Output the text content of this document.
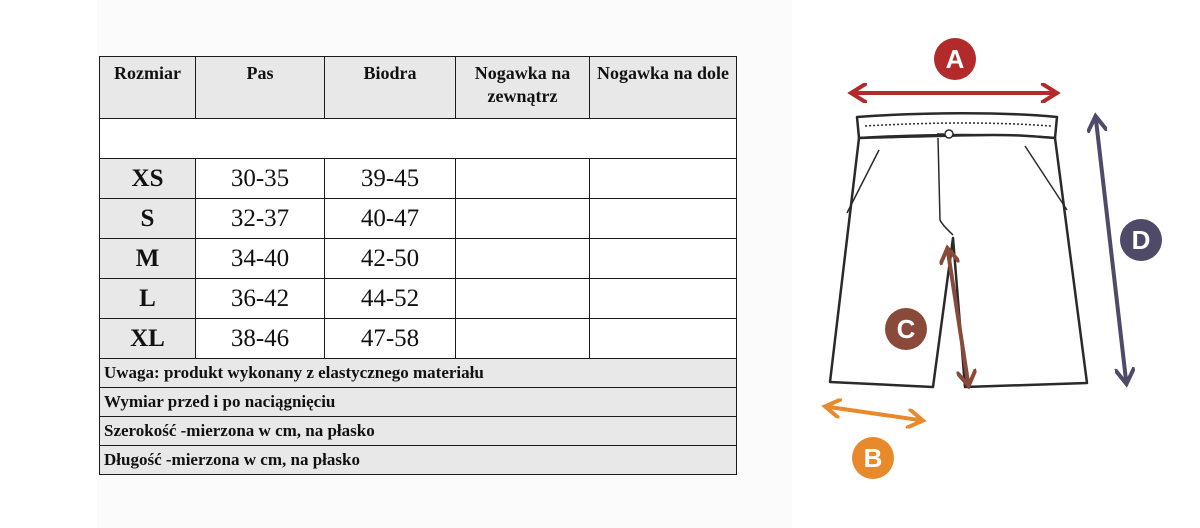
Rozmiar	Pas	Biodra	Nogawka na zewnątrz	Nogawka na dole

XS	30-35	39-45		
S	32-37	40-47		
M	34-40	42-50		
L	36-42	44-52		
XL	38-46	47-58		
Uwaga: produkt wykonany z elastycznego materiału				
Wymiar przed i po naciągnięciu				
Szerokość -mierzona w cm, na płasko				
Długość -mierzona w cm, na płasko				
A
D
C
B
